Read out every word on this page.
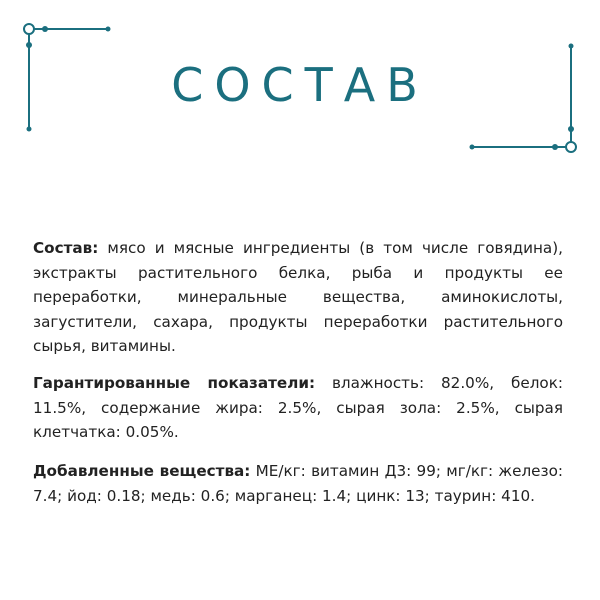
СОСТАВ
Состав: мясо и мясные ингредиенты (в том числе говядина), экстракты растительного белка, рыба и продукты ее переработки, минеральные вещества, аминокислоты, загустители, сахара, продукты переработки растительного сырья, витамины.
Гарантированные показатели: влажность: 82.0%, белок: 11.5%, содержание жира: 2.5%, сырая зола: 2.5%, сырая клетчатка: 0.05%.
Добавленные вещества: МЕ/кг: витамин Д3: 99; мг/кг: железо: 7.4; йод: 0.18; медь: 0.6; марганец: 1.4; цинк: 13; таурин: 410.
